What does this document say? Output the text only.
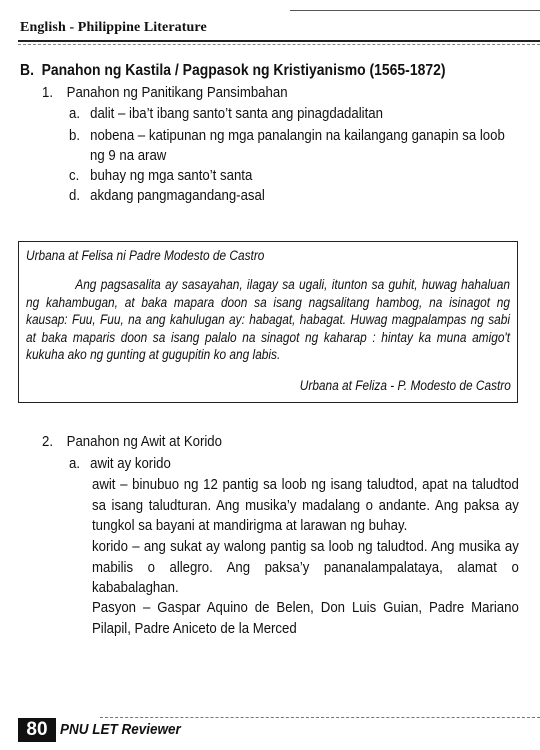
English - Philippine Literature
B. Panahon ng Kastila / Pagpasok ng Kristiyanismo (1565-1872)
1. Panahon ng Panitikang Pansimbahan
a. dalit – iba’t ibang santo’t santa ang pinagdadalitan
b. nobena – katipunan ng mga panalangin na kailangang ganapin sa loob
ng 9 na araw
c. buhay ng mga santo’t santa
d. akdang pangmagandang-asal
Urbana at Felisa ni Padre Modesto de Castro
Ang pagsasalita ay sasayahan, ilagay sa ugali, itunton sa guhit, huwag hahaluan ng kahambugan, at baka mapara doon sa isang nagsalitang hambog, na isinagot ng kausap: Fuu, Fuu, na ang kahulugan ay: habagat, habagat. Huwag magpalampas ng sabi at baka maparis doon sa isang palalo na sinagot ng kaharap : hintay ka muna amigo't kukuha ako ng gunting at gugupitin ko ang labis.
Urbana at Feliza - P. Modesto de Castro
2. Panahon ng Awit at Korido
a. awit ay korido
awit – binubuo ng 12 pantig sa loob ng isang taludtod, apat na taludtod sa isang taludturan. Ang musika’y madalang o andante. Ang paksa ay tungkol sa bayani at mandirigma at larawan ng buhay.
korido – ang sukat ay walong pantig sa loob ng taludtod. Ang musika ay mabilis o allegro. Ang paksa’y pananalampalataya, alamat o kababalaghan.
Pasyon – Gaspar Aquino de Belen, Don Luis Guian, Padre Mariano Pilapil, Padre Aniceto de la Merced
80 PNU LET Reviewer
